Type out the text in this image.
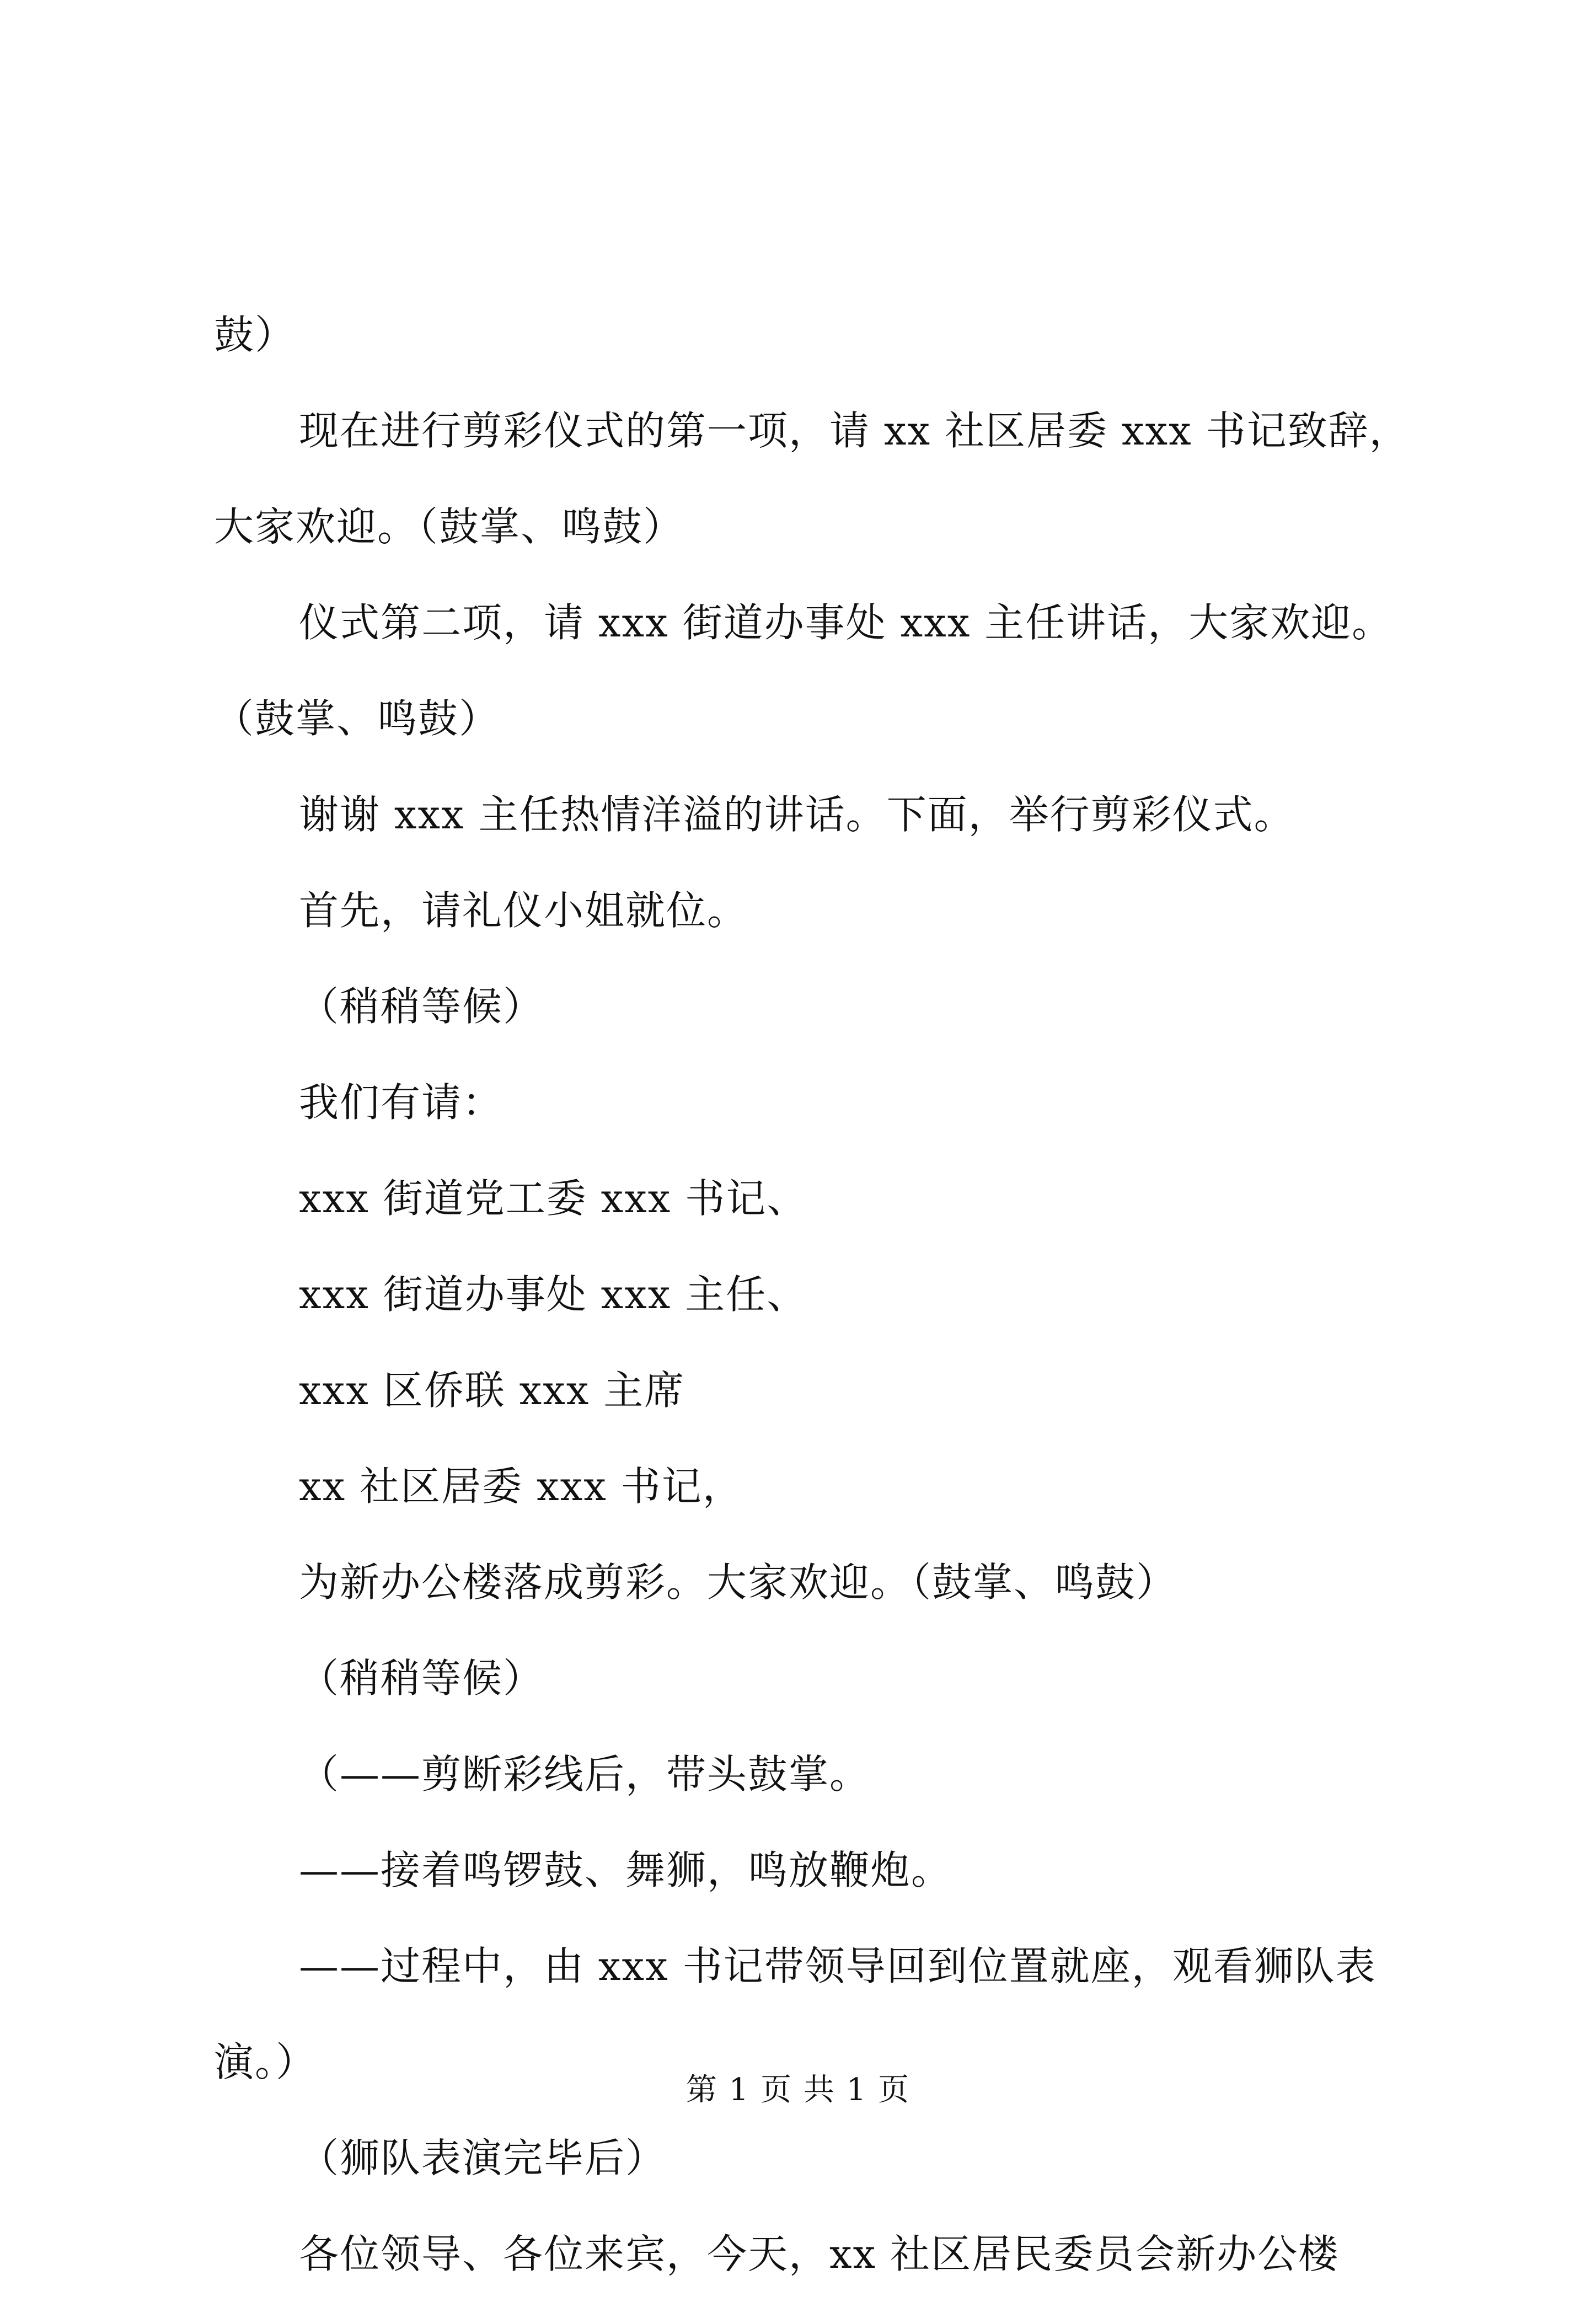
鼓）
现在进行剪彩仪式的第一项，请 xx 社区居委 xxx 书记致辞，
大家欢迎。（鼓掌、鸣鼓）
仪式第二项，请 xxx 街道办事处 xxx 主任讲话，大家欢迎。
（鼓掌、鸣鼓）
谢谢 xxx 主任热情洋溢的讲话。下面，举行剪彩仪式。
首先，请礼仪小姐就位。
（稍稍等候）
我们有请：
xxx 街道党工委 xxx 书记、
xxx 街道办事处 xxx 主任、
xxx 区侨联 xxx 主席
xx 社区居委 xxx 书记，
为新办公楼落成剪彩。大家欢迎。（鼓掌、鸣鼓）
（稍稍等候）
（——剪断彩线后，带头鼓掌。
——接着鸣锣鼓、舞狮，鸣放鞭炮。
——过程中，由 xxx 书记带领导回到位置就座，观看狮队表
演。）
（狮队表演完毕后）
各位领导、各位来宾，今天，xx 社区居民委员会新办公楼
第 1 页 共 1 页
